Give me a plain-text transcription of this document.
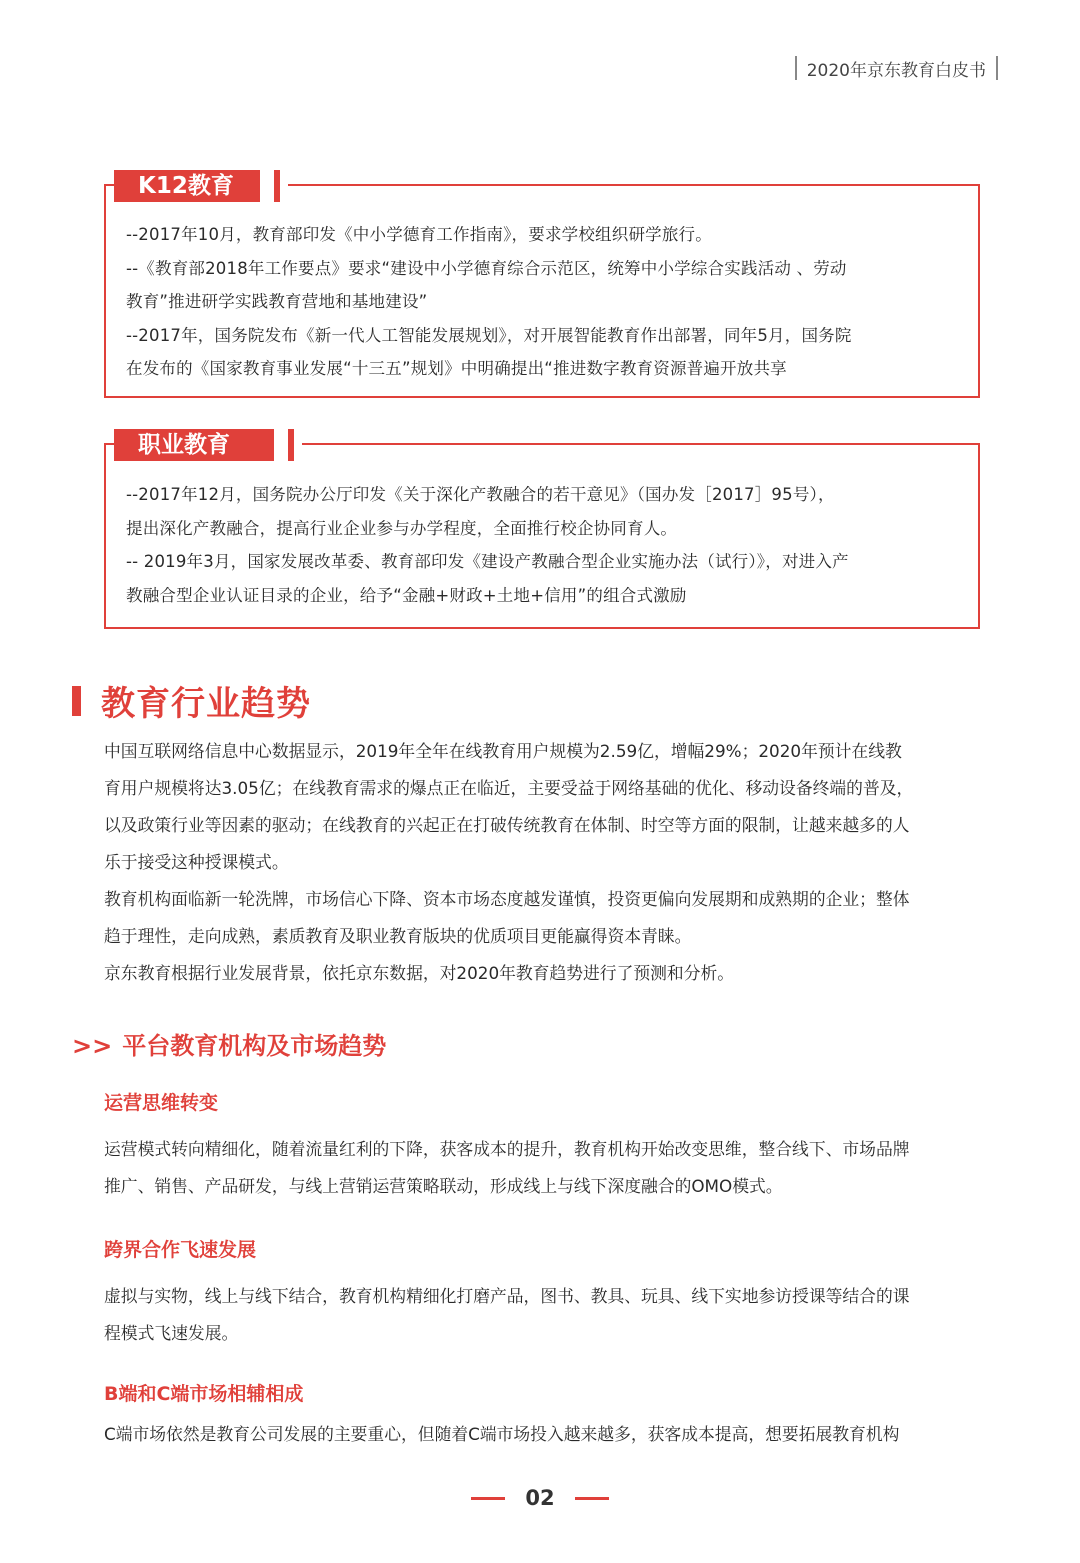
2020年京东教育白皮书

--2017年10月，教育部印发《中小学德育工作指南》，要求学校组织研学旅行。

--《教育部2018年工作要点》要求“建设中小学德育综合示范区，统筹中小学综合实践活动 、劳动

教育”推进研学实践教育营地和基地建设”

--2017年，国务院发布《新一代人工智能发展规划》，对开展智能教育作出部署，同年5月，国务院

在发布的《国家教育事业发展“十三五”规划》中明确提出“推进数字教育资源普遍开放共享

K12教育

--2017年12月，国务院办公厅印发《关于深化产教融合的若干意见》（国办发［2017］95号），

提出深化产教融合，提高行业企业参与办学程度，全面推行校企协同育人。

-- 2019年3月，国家发展改革委、教育部印发《建设产教融合型企业实施办法（试行）》，对进入产

教融合型企业认证目录的企业，给予“金融+财政+土地+信用”的组合式激励

职业教育
教育行业趋势

中国互联网络信息中心数据显示，2019年全年在线教育用户规模为2.59亿，增幅29%；2020年预计在线教

育用户规模将达3.05亿；在线教育需求的爆点正在临近，主要受益于网络基础的优化、移动设备终端的普及，

以及政策行业等因素的驱动；在线教育的兴起正在打破传统教育在体制、时空等方面的限制，让越来越多的人

乐于接受这种授课模式。

教育机构面临新一轮洗牌，市场信心下降、资本市场态度越发谨慎，投资更偏向发展期和成熟期的企业；整体

趋于理性，走向成熟，素质教育及职业教育版块的优质项目更能赢得资本青睐。

京东教育根据行业发展背景，依托京东数据，对2020年教育趋势进行了预测和分析。

>> 平台教育机构及市场趋势
运营思维转变

运营模式转向精细化，随着流量红利的下降，获客成本的提升，教育机构开始改变思维，整合线下、市场品牌

推广、销售、产品研发，与线上营销运营策略联动，形成线上与线下深度融合的OMO模式。

跨界合作飞速发展

虚拟与实物，线上与线下结合，教育机构精细化打磨产品，图书、教具、玩具、线下实地参访授课等结合的课

程模式飞速发展。

B端和C端市场相辅相成

C端市场依然是教育公司发展的主要重心，但随着C端市场投入越来越多，获客成本提高，想要拓展教育机构

02
